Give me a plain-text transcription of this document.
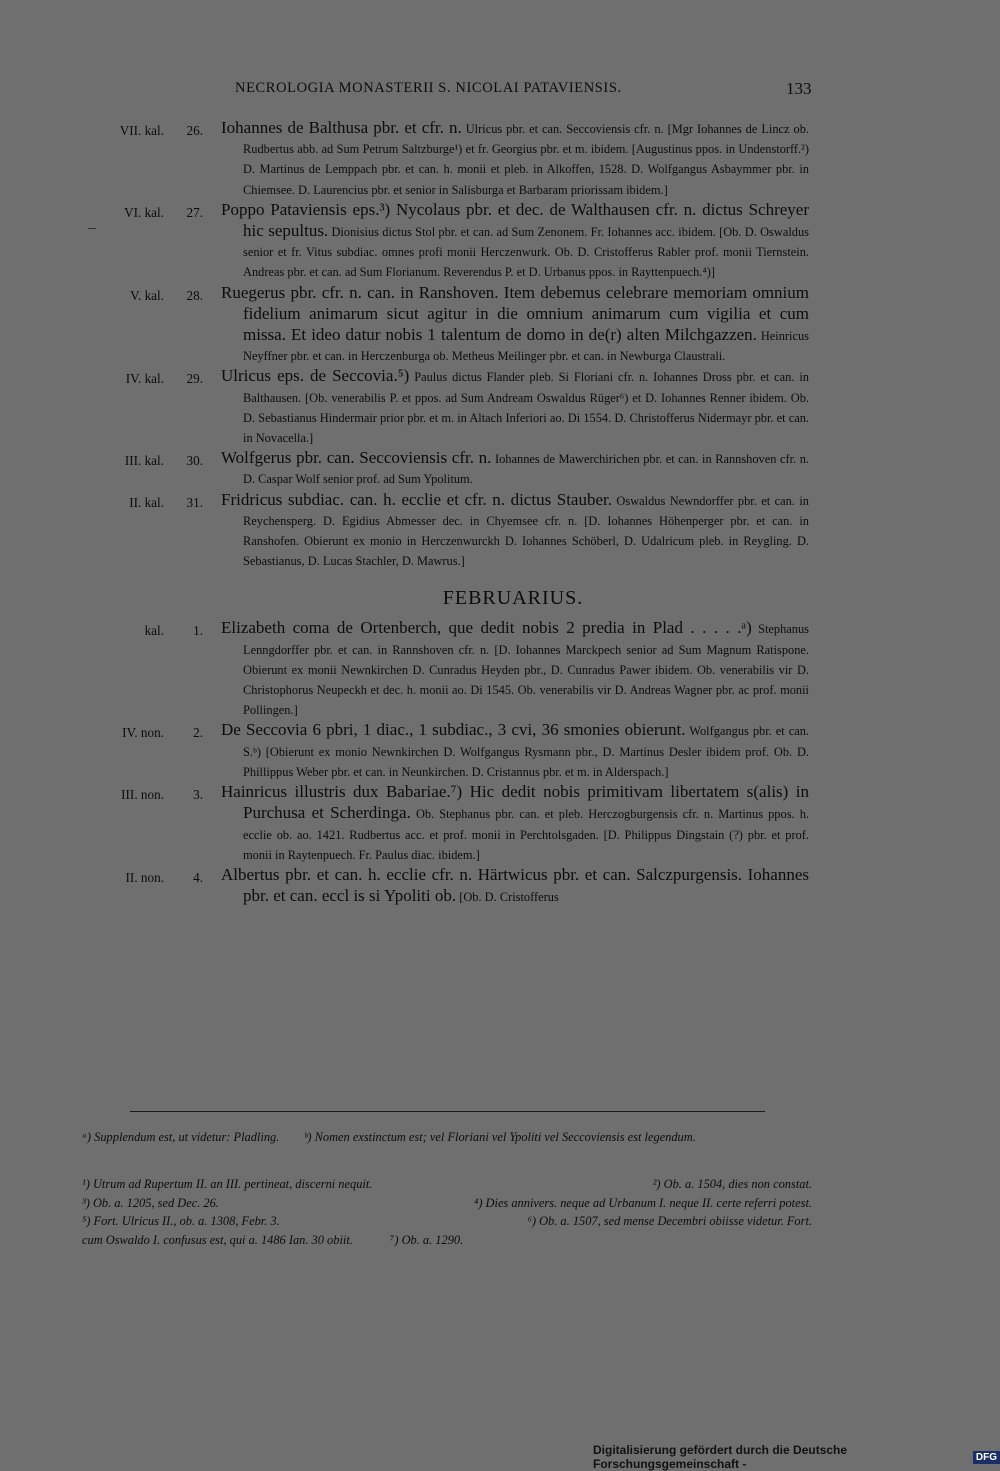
NECROLOGIA MONASTERII S. NICOLAI PATAVIENSIS.	133
VII. kal.	26. Iohannes de Balthusa pbr. et cfr. n. Ulricus pbr. et can. Seccoviensis cfr. n. [Mgr Iohannes de Lincz ob. Rudbertus abb. ad Sum Petrum Saltzburge¹) et fr. Georgius pbr. et m. ibidem. [Augustinus ppos. in Undenstorff.²) D. Martinus de Lemppach pbr. et can. h. monii et pleb. in Alkoffen, 1528. D. Wolfgangus Asbaymmer pbr. in Chiemsee. D. Laurencius pbr. et senior in Salisburga et Barbaram priorissam ibidem.]
VI. kal.	27. Poppo Pataviensis eps.³) Nycolaus pbr. et dec. de Walthausen cfr. n. dictus Schreyer hic sepultus. Dionisius dictus Stol pbr. et can. ad Sum Zenonem. Fr. Iohannes acc. ibidem. [Ob. D. Oswaldus senior et fr. Vitus subdiac. omnes profi monii Herczenwurk. Ob. D. Cristofferus Rabler prof. monii Tiernstein. Andreas pbr. et can. ad Sum Florianum. Reverendus P. et D. Urbanus ppos. in Rayttenpuech.⁴)]
V. kal.	28. Ruegerus pbr. cfr. n. can. in Ranshoven. Item debemus celebrare memoriam omnium fidelium animarum sicut agitur in die omnium animarum cum vigilia et cum missa. Et ideo datur nobis 1 talentum de domo in de(r) alten Milchgazzen. Heinricus Neyffner pbr. et can. in Herczenburga ob. Metheus Meilinger pbr. et can. in Newburga Claustrali.
IV. kal.	29. Ulricus eps. de Seccovia.⁵) Paulus dictus Flander pleb. Si Floriani cfr. n. Iohannes Dross pbr. et can. in Balthausen. [Ob. venerabilis P. et ppos. ad Sum Andream Oswaldus Rüger⁶) et D. Iohannes Renner ibidem. Ob. D. Sebastianus Hindermair prior pbr. et m. in Altach Inferiori ao. Di 1554. D. Christofferus Nidermayr pbr. et can. in Novacella.]
III. kal.	30. Wolfgerus pbr. can. Seccoviensis cfr. n. Iohannes de Mawerchirichen pbr. et can. in Rannshoven cfr. n. D. Caspar Wolf senior prof. ad Sum Ypolitum.
II. kal.	31. Fridricus subdiac. can. h. ecclie et cfr. n. dictus Stauber. Oswaldus Newndorffer pbr. et can. in Reychensperg. D. Egidius Abmesser dec. in Chyemsee cfr. n. [D. Iohannes Höhenperger pbr. et can. in Ranshofen. Obierunt ex monio in Herczenwurckh D. Iohannes Schöberl, D. Udalricum pleb. in Reygling. D. Sebastianus, D. Lucas Stachler, D. Mawrus.]
FEBRUARIUS.
kal.	1. Elizabeth coma de Ortenberch, que dedit nobis 2 predia in Plad . . . . .ᵃ) Stephanus Lenngdorffer pbr. et can. in Rannshoven cfr. n. [D. Iohannes Marckpech senior ad Sum Magnum Ratispone. Obierunt ex monii Newnkirchen D. Cunradus Heyden pbr., D. Cunradus Pawer ibidem. Ob. venerabilis vir D. Christophorus Neupeckh et dec. h. monii ao. Di 1545. Ob. venerabilis vir D. Andreas Wagner pbr. ac prof. monii Pollingen.]
IV. non.	2. De Seccovia 6 pbri, 1 diac., 1 subdiac., 3 cvi, 36 smonies obierunt. Wolfgangus pbr. et can. S.ᵇ) [Obierunt ex monio Newnkirchen D. Wolfgangus Rysmann pbr., D. Martinus Desler ibidem prof. Ob. D. Phillippus Weber pbr. et can. in Neunkirchen. D. Cristannus pbr. et m. in Alderspach.]
III. non.	3. Hainricus illustris dux Babariae.⁷) Hic dedit nobis primitivam libertatem s(alis) in Purchusa et Scherdinga. Ob. Stephanus pbr. can. et pleb. Herczogburgensis cfr. n. Martinus ppos. h. ecclie ob. ao. 1421. Rudbertus acc. et prof. monii in Perchtolsgaden. [D. Philippus Dingstain (?) pbr. et prof. monii in Raytenpuech. Fr. Paulus diac. ibidem.]
II. non.	4. Albertus pbr. et can. h. ecclie cfr. n. Härtwicus pbr. et can. Salczpurgensis. Iohannes pbr. et can. eccl is si Ypoliti ob. [Ob. D. Cristofferus
ᵃ) Supplendum est, ut videtur: Pladling. ᵇ) Nomen exstinctum est; vel Floriani vel Ypoliti vel Seccoviensis est legendum.
¹) Utrum ad Rupertum II. an III. pertineat, discerni nequit.	²) Ob. a. 1504, dies non constat.
³) Ob. a. 1205, sed Dec. 26.	⁴) Dies annivers. neque ad Urbanum I. neque II. certe referri potest.
⁵) Fort. Ulricus II., ob. a. 1308, Febr. 3.	⁶) Ob. a. 1507, sed mense Decembri obiisse videtur. Fort.
cum Oswaldo I. confusus est, qui a. 1486 Ian. 30 obiit.	⁷) Ob. a. 1290.
Digitalisierung gefördert durch die Deutsche Forschungsgemeinschaft -	DFG
